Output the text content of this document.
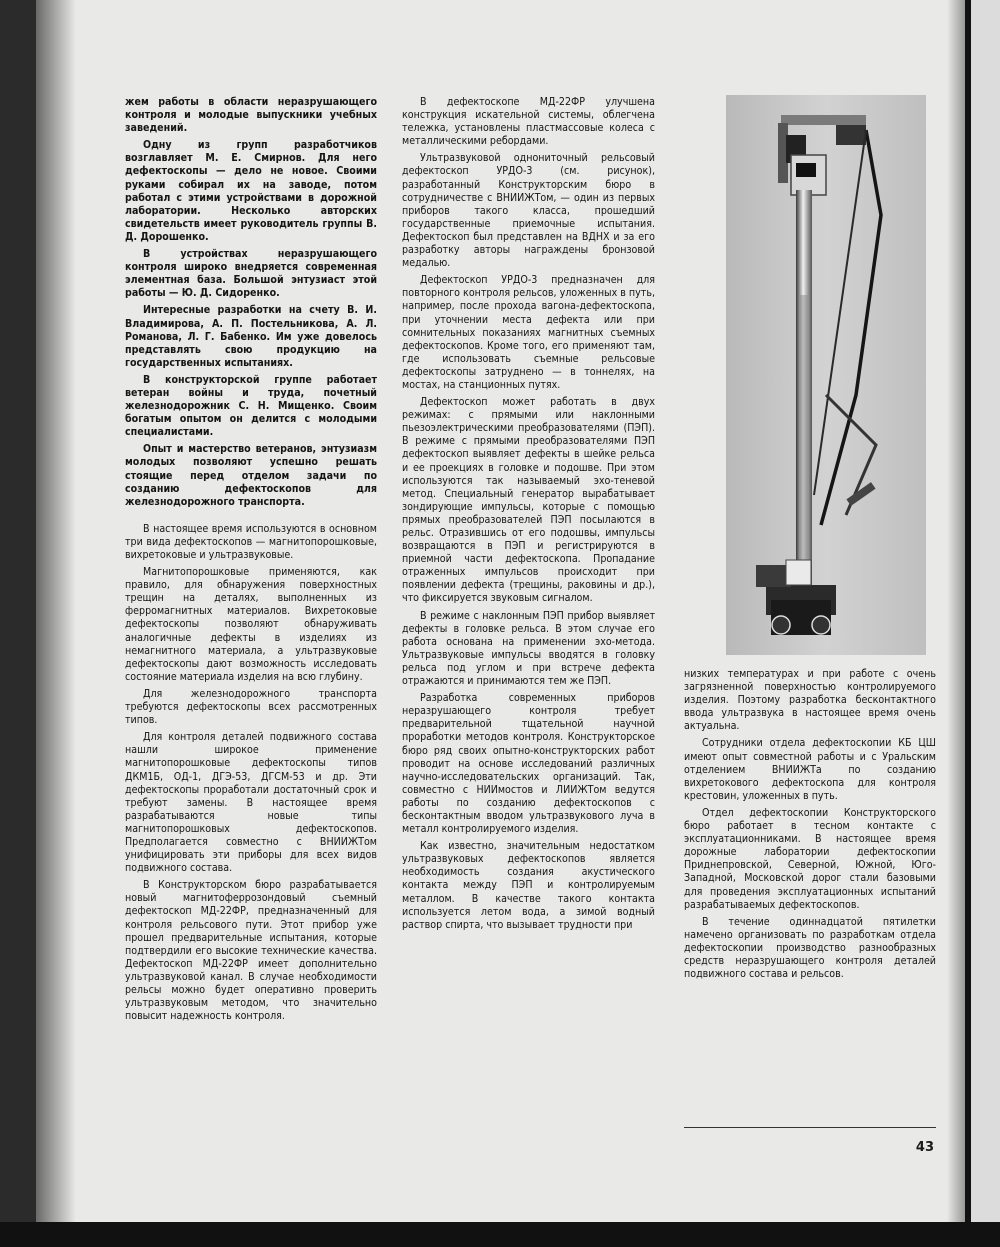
жем работы в области неразрушающего контроля и молодые выпускники учебных заведений.

Одну из групп разработчиков возглавляет М. Е. Смирнов. Для него дефектоскопы — дело не новое. Своими руками собирал их на заводе, потом работал с этими устройствами в дорожной лаборатории. Несколько авторских свидетельств имеет руководитель группы В. Д. Дорошенко.

В устройствах неразрушающего контроля широко внедряется современная элементная база. Большой энтузиаст этой работы — Ю. Д. Сидоренко.

Интересные разработки на счету В. И. Владимирова, А. П. Постельникова, А. Л. Романова, Л. Г. Бабенко. Им уже довелось представлять свою продукцию на государственных испытаниях.

В конструкторской группе работает ветеран войны и труда, почетный железнодорожник С. Н. Мищенко. Своим богатым опытом он делится с молодыми специалистами.

Опыт и мастерство ветеранов, энтузиазм молодых позволяют успешно решать стоящие перед отделом задачи по созданию дефектоскопов для железнодорожного транспорта.

В настоящее время используются в основном три вида дефектоскопов — магнитопорошковые, вихретоковые и ультразвуковые.

Магнитопорошковые применяются, как правило, для обнаружения поверхностных трещин на деталях, выполненных из ферромагнитных материалов. Вихретоковые дефектоскопы позволяют обнаруживать аналогичные дефекты в изделиях из немагнитного материала, а ультразвуковые дефектоскопы дают возможность исследовать состояние материала изделия на всю глубину.

Для железнодорожного транспорта требуются дефектоскопы всех рассмотренных типов.

Для контроля деталей подвижного состава нашли широкое применение магнитопорошковые дефектоскопы типов ДКМ1Б, ОД-1, ДГЭ-53, ДГСМ-53 и др. Эти дефектоскопы проработали достаточный срок и требуют замены. В настоящее время разрабатываются новые типы магнитопорошковых дефектоскопов. Предполагается совместно с ВНИИЖТом унифицировать эти приборы для всех видов подвижного состава.

В Конструкторском бюро разрабатывается новый магнитоферрозондовый съемный дефектоскоп МД-22ФР, предназначенный для контроля рельсового пути. Этот прибор уже прошел предварительные испытания, которые подтвердили его высокие технические качества. Дефектоскоп МД-22ФР имеет дополнительно ультразвуковой канал. В случае необходимости рельсы можно будет оперативно проверить ультразвуковым методом, что значительно повысит надежность контроля.

В дефектоскопе МД-22ФР улучшена конструкция искательной системы, облегчена тележка, установлены пластмассовые колеса с металлическими ребордами.

Ультразвуковой однониточный рельсовый дефектоскоп УРДО-3 (см. рисунок), разработанный Конструкторским бюро в сотрудничестве с ВНИИЖТом, — один из первых приборов такого класса, прошедший государственные приемочные испытания. Дефектоскоп был представлен на ВДНХ и за его разработку авторы награждены бронзовой медалью.

Дефектоскоп УРДО-3 предназначен для повторного контроля рельсов, уложенных в путь, например, после прохода вагона-дефектоскопа, при уточнении места дефекта или при сомнительных показаниях магнитных съемных дефектоскопов. Кроме того, его применяют там, где использовать съемные рельсовые дефектоскопы затруднено — в тоннелях, на мостах, на станционных путях.

Дефектоскоп может работать в двух режимах: с прямыми или наклонными пьезоэлектрическими преобразователями (ПЭП). В режиме с прямыми преобразователями ПЭП дефектоскоп выявляет дефекты в шейке рельса и ее проекциях в головке и подошве. При этом используются так называемый эхо-теневой метод. Специальный генератор вырабатывает зондирующие импульсы, которые с помощью прямых преобразователей ПЭП посылаются в рельс. Отразившись от его подошвы, импульсы возвращаются в ПЭП и регистрируются в приемной части дефектоскопа. Пропадание отраженных импульсов происходит при появлении дефекта (трещины, раковины и др.), что фиксируется звуковым сигналом.

В режиме с наклонным ПЭП прибор выявляет дефекты в головке рельса. В этом случае его работа основана на применении эхо-метода. Ультразвуковые импульсы вводятся в головку рельса под углом и при встрече дефекта отражаются и принимаются тем же ПЭП.

Разработка современных приборов неразрушающего контроля требует предварительной тщательной научной проработки методов контроля. Конструкторское бюро ряд своих опытно-конструкторских работ проводит на основе исследований различных научно-исследовательских организаций. Так, совместно с НИИмостов и ЛИИЖТом ведутся работы по созданию дефектоскопов с бесконтактным вводом ультразвукового луча в металл контролируемого изделия.

Как известно, значительным недостатком ультразвуковых дефектоскопов является необходимость создания акустического контакта между ПЭП и контролируемым металлом. В качестве такого контакта используется летом вода, а зимой водный раствор спирта, что вызывает трудности при

низких температурах и при работе с очень загрязненной поверхностью контролируемого изделия. Поэтому разработка бесконтактного ввода ультразвука в настоящее время очень актуальна.

Сотрудники отдела дефектоскопии КБ ЦШ имеют опыт совместной работы и с Уральским отделением ВНИИЖТа по созданию вихретокового дефектоскопа для контроля крестовин, уложенных в путь.

Отдел дефектоскопии Конструкторского бюро работает в тесном контакте с эксплуатационниками. В настоящее время дорожные лаборатории дефектоскопии Приднепровской, Северной, Южной, Юго-Западной, Московской дорог стали базовыми для проведения эксплуатационных испытаний разрабатываемых дефектоскопов.

В течение одиннадцатой пятилетки намечено организовать по разработкам отдела дефектоскопии производство разнообразных средств неразрушающего контроля деталей подвижного состава и рельсов.

43
